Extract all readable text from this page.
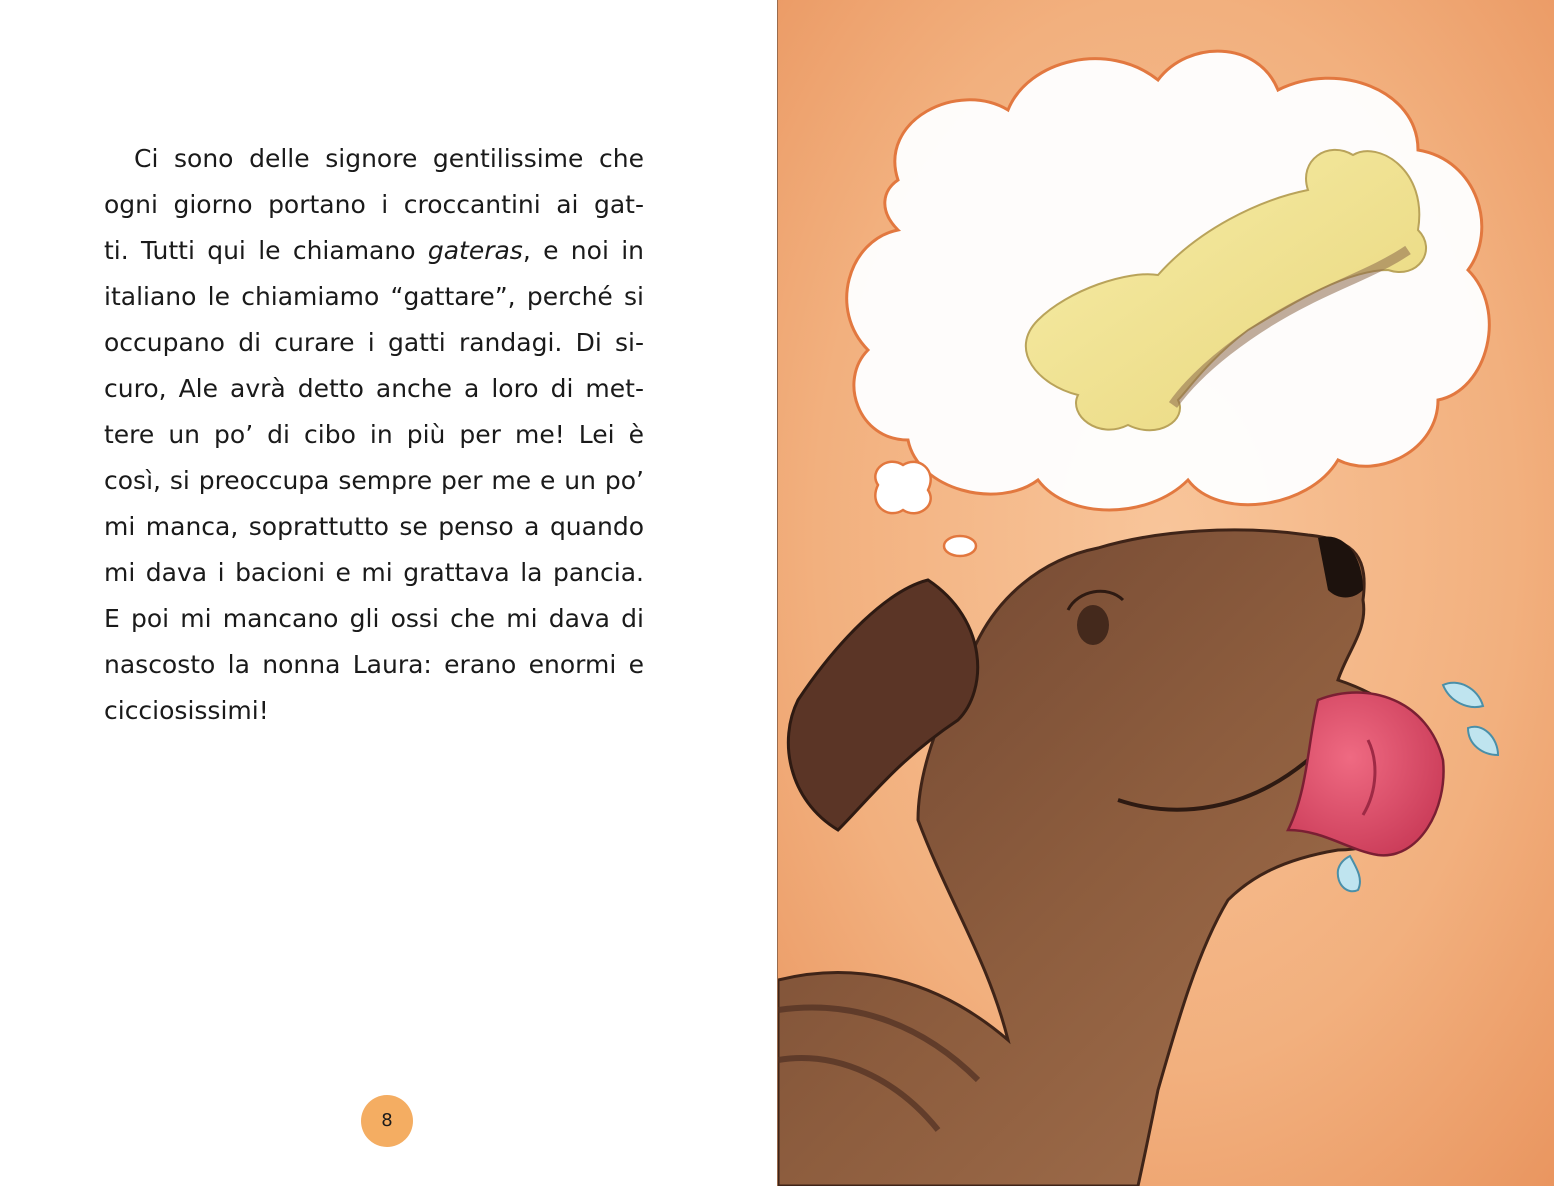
Ci sono delle signore gentilissime che
ogni giorno portano i croccantini ai gat-
ti. Tutti qui le chiamano gateras, e noi in
italiano le chiamiamo “gattare”, perché si
occupano di curare i gatti randagi. Di si-
curo, Ale avrà detto anche a loro di met-
tere un po’ di cibo in più per me! Lei è
così, si preoccupa sempre per me e un po’
mi manca, soprattutto se penso a quando
mi dava i bacioni e mi grattava la pancia.
E poi mi mancano gli ossi che mi dava di
nascosto la nonna Laura: erano enormi e
cicciosissimi!
8
